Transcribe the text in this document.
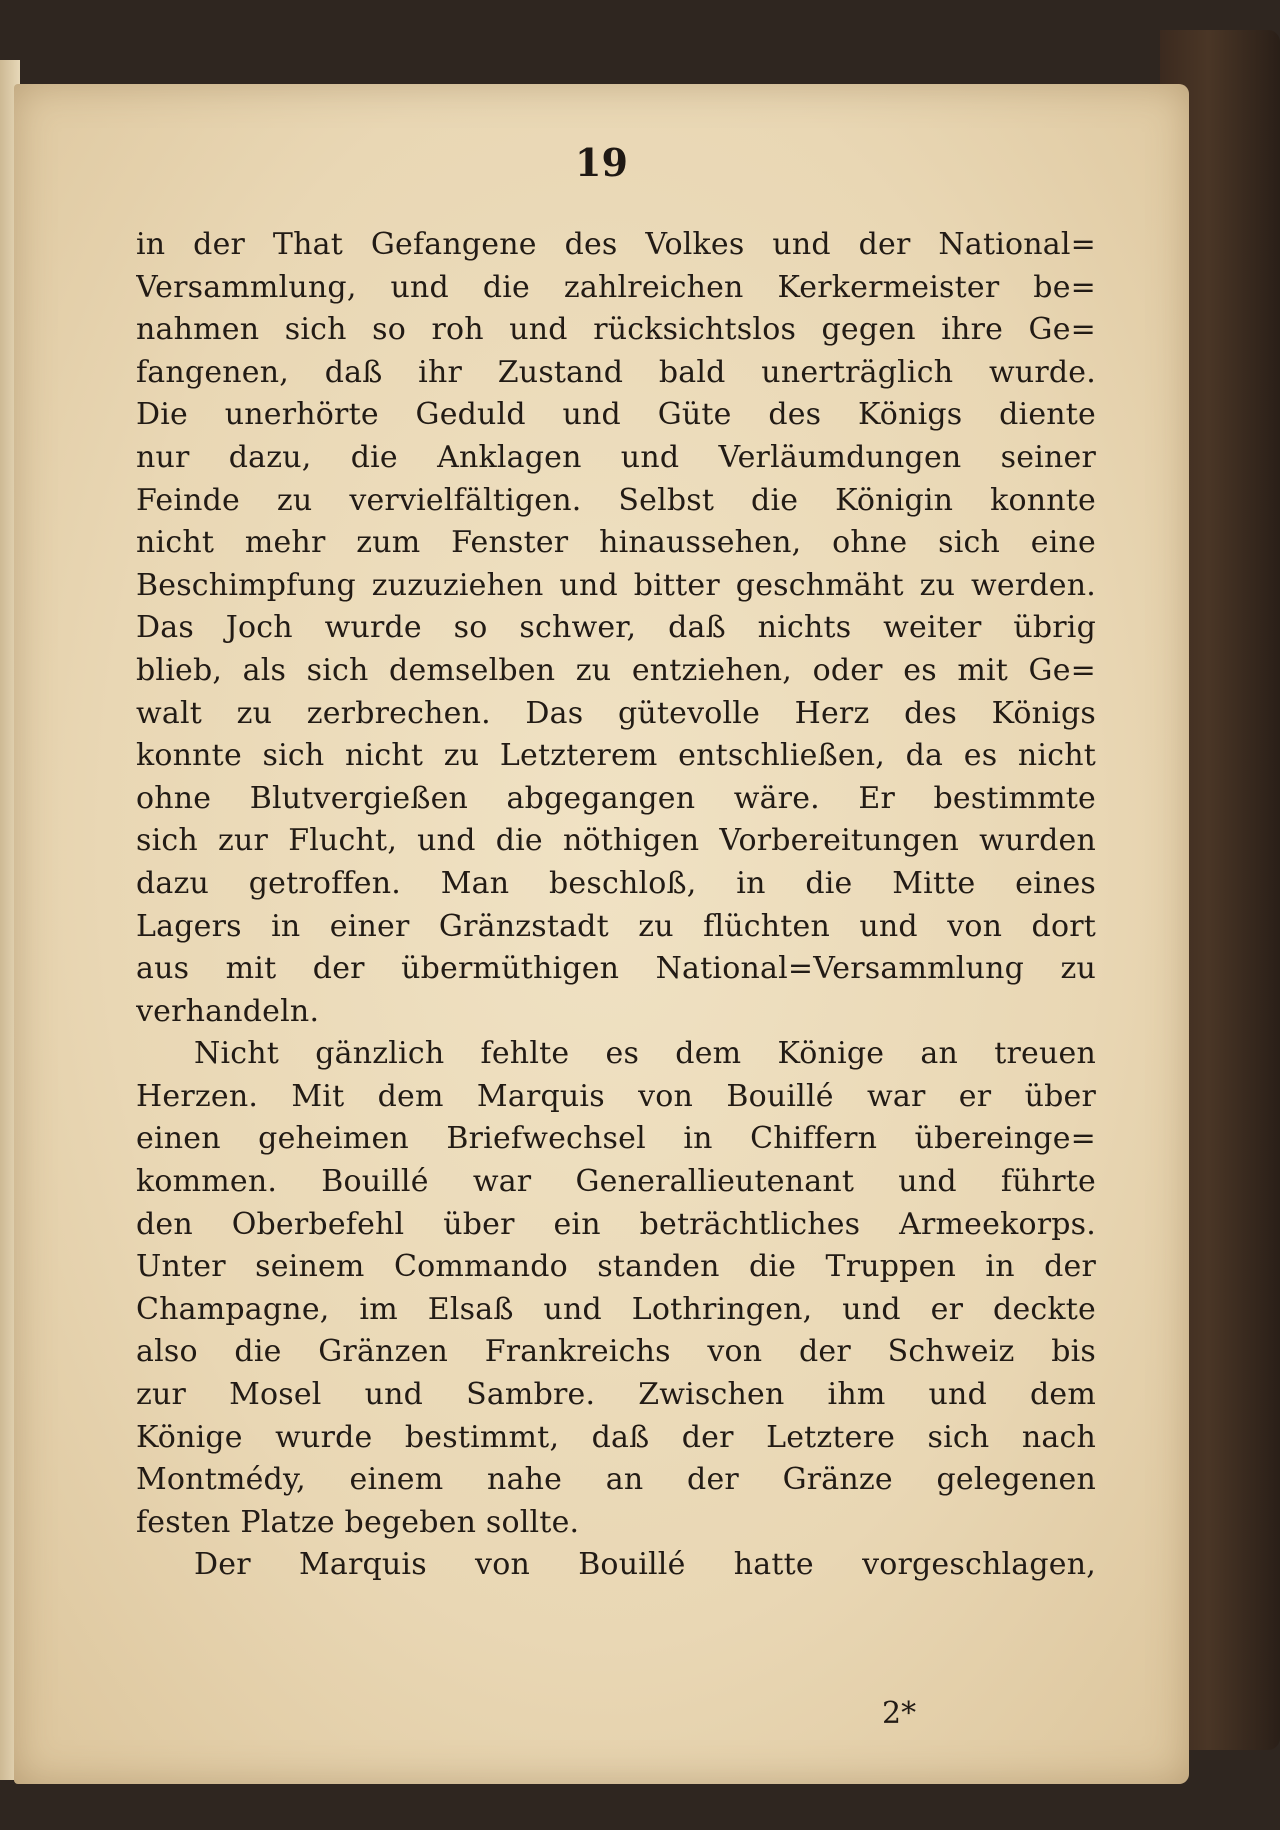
19
in der That Gefangene des Volkes und der National=
Versammlung, und die zahlreichen Kerkermeister be=
nahmen sich so roh und rücksichtslos gegen ihre Ge=
fangenen, daß ihr Zustand bald unerträglich wurde.
Die unerhörte Geduld und Güte des Königs diente
nur dazu, die Anklagen und Verläumdungen seiner
Feinde zu vervielfältigen. Selbst die Königin konnte
nicht mehr zum Fenster hinaussehen, ohne sich eine
Beschimpfung zuzuziehen und bitter geschmäht zu werden.
Das Joch wurde so schwer, daß nichts weiter übrig
blieb, als sich demselben zu entziehen, oder es mit Ge=
walt zu zerbrechen. Das gütevolle Herz des Königs
konnte sich nicht zu Letzterem entschließen, da es nicht
ohne Blutvergießen abgegangen wäre. Er bestimmte
sich zur Flucht, und die nöthigen Vorbereitungen wurden
dazu getroffen. Man beschloß, in die Mitte eines
Lagers in einer Gränzstadt zu flüchten und von dort
aus mit der übermüthigen National=Versammlung zu
verhandeln.
Nicht gänzlich fehlte es dem Könige an treuen
Herzen. Mit dem Marquis von Bouillé war er über
einen geheimen Briefwechsel in Chiffern übereinge=
kommen. Bouillé war Generallieutenant und führte
den Oberbefehl über ein beträchtliches Armeekorps.
Unter seinem Commando standen die Truppen in der
Champagne, im Elsaß und Lothringen, und er deckte
also die Gränzen Frankreichs von der Schweiz bis
zur Mosel und Sambre. Zwischen ihm und dem
Könige wurde bestimmt, daß der Letztere sich nach
Montmédy, einem nahe an der Gränze gelegenen
festen Platze begeben sollte.
Der Marquis von Bouillé hatte vorgeschlagen,
2*
